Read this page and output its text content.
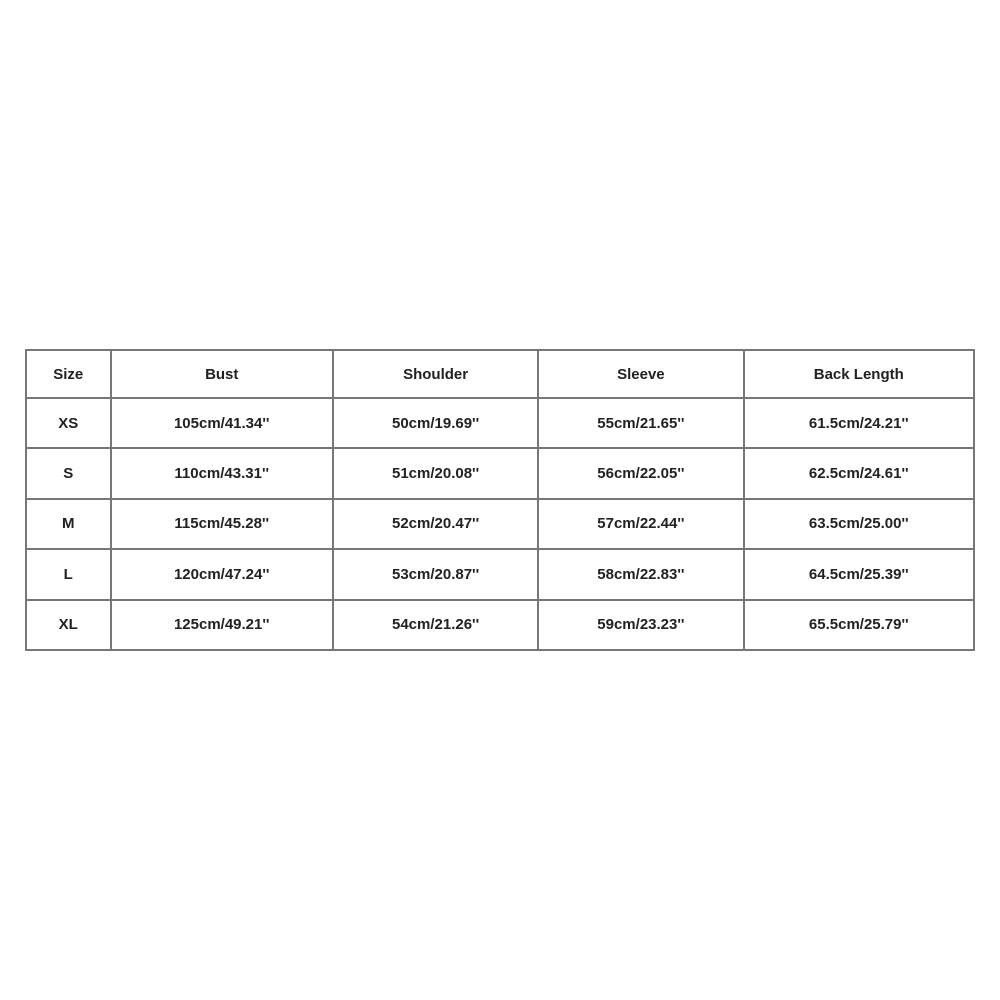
Size	Bust	Shoulder	Sleeve	Back Length
XS	105cm/41.34''	50cm/19.69''	55cm/21.65''	61.5cm/24.21''
S	110cm/43.31''	51cm/20.08''	56cm/22.05''	62.5cm/24.61''
M	115cm/45.28''	52cm/20.47''	57cm/22.44''	63.5cm/25.00''
L	120cm/47.24''	53cm/20.87''	58cm/22.83''	64.5cm/25.39''
XL	125cm/49.21''	54cm/21.26''	59cm/23.23''	65.5cm/25.79''
